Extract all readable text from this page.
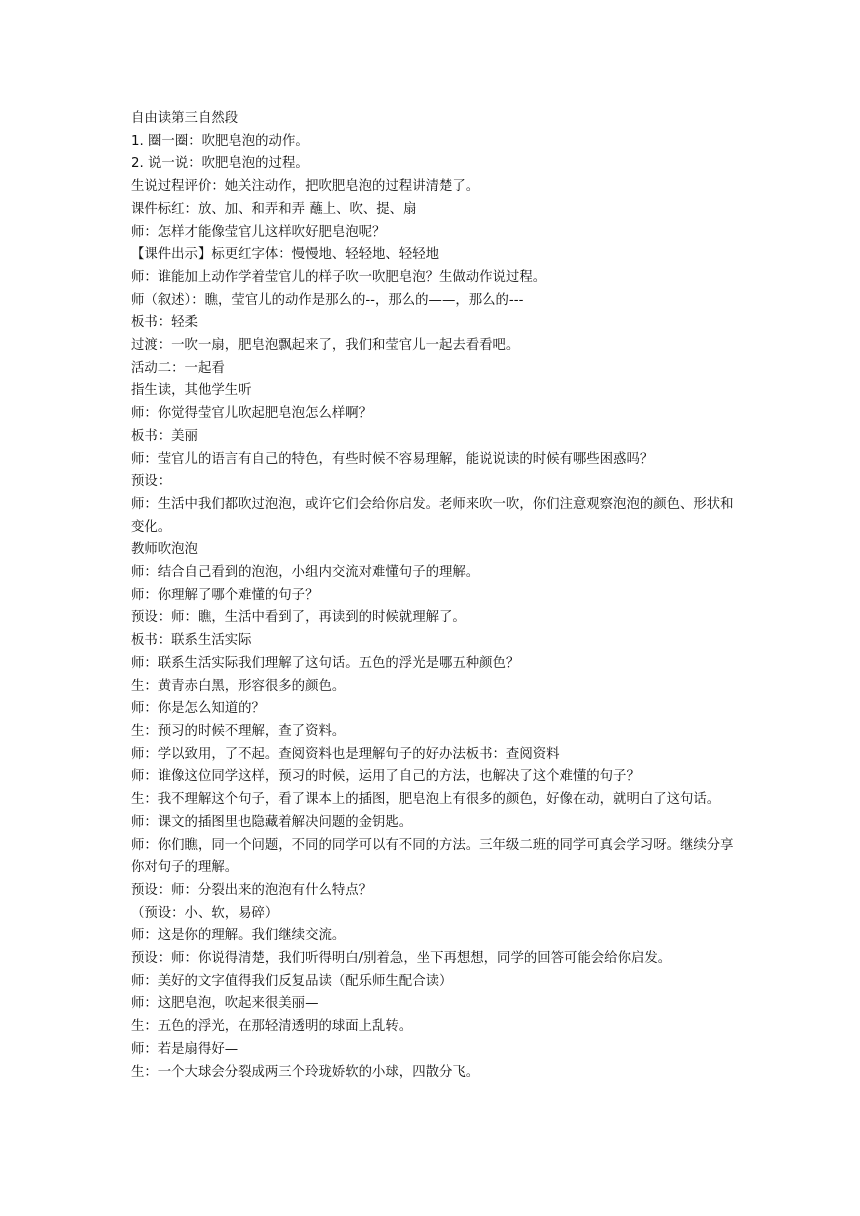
自由读第三自然段

1. 圈一圈：吹肥皂泡的动作。

2. 说一说：吹肥皂泡的过程。

生说过程评价：她关注动作，把吹肥皂泡的过程讲清楚了。

课件标红：放、加、和弄和弄 蘸上、吹、提、扇

师：怎样才能像莹官儿这样吹好肥皂泡呢？

【课件出示】标更红字体：慢慢地、轻轻地、轻轻地

师：谁能加上动作学着莹官儿的样子吹一吹肥皂泡？生做动作说过程。

师（叙述）：瞧，莹官儿的动作是那么的--，那么的——，那么的---

板书：轻柔

过渡：一吹一扇，肥皂泡飘起来了，我们和莹官儿一起去看看吧。

活动二：一起看

指生读，其他学生听

师：你觉得莹官儿吹起肥皂泡怎么样啊？

板书：美丽

师：莹官儿的语言有自己的特色，有些时候不容易理解，能说说读的时候有哪些困惑吗？

预设：

师：生活中我们都吹过泡泡，或许它们会给你启发。老师来吹一吹，你们注意观察泡泡的颜色、形状和变化。

教师吹泡泡

师：结合自己看到的泡泡，小组内交流对难懂句子的理解。

师：你理解了哪个难懂的句子？

预设：师：瞧，生活中看到了，再读到的时候就理解了。

板书：联系生活实际

师：联系生活实际我们理解了这句话。五色的浮光是哪五种颜色？

生：黄青赤白黑，形容很多的颜色。

师：你是怎么知道的？

生：预习的时候不理解，查了资料。

师：学以致用，了不起。查阅资料也是理解句子的好办法板书：查阅资料

师：谁像这位同学这样，预习的时候，运用了自己的方法，也解决了这个难懂的句子？

生：我不理解这个句子，看了课本上的插图，肥皂泡上有很多的颜色，好像在动，就明白了这句话。

师：课文的插图里也隐藏着解决问题的金钥匙。

师：你们瞧，同一个问题，不同的同学可以有不同的方法。三年级二班的同学可真会学习呀。继续分享你对句子的理解。

预设：师：分裂出来的泡泡有什么特点？

（预设：小、软，易碎）

师：这是你的理解。我们继续交流。

预设：师：你说得清楚，我们听得明白/别着急，坐下再想想，同学的回答可能会给你启发。

师：美好的文字值得我们反复品读（配乐师生配合读）

师：这肥皂泡，吹起来很美丽—

生：五色的浮光，在那轻清透明的球面上乱转。

师：若是扇得好—

生：一个大球会分裂成两三个玲珑娇软的小球，四散分飞。
